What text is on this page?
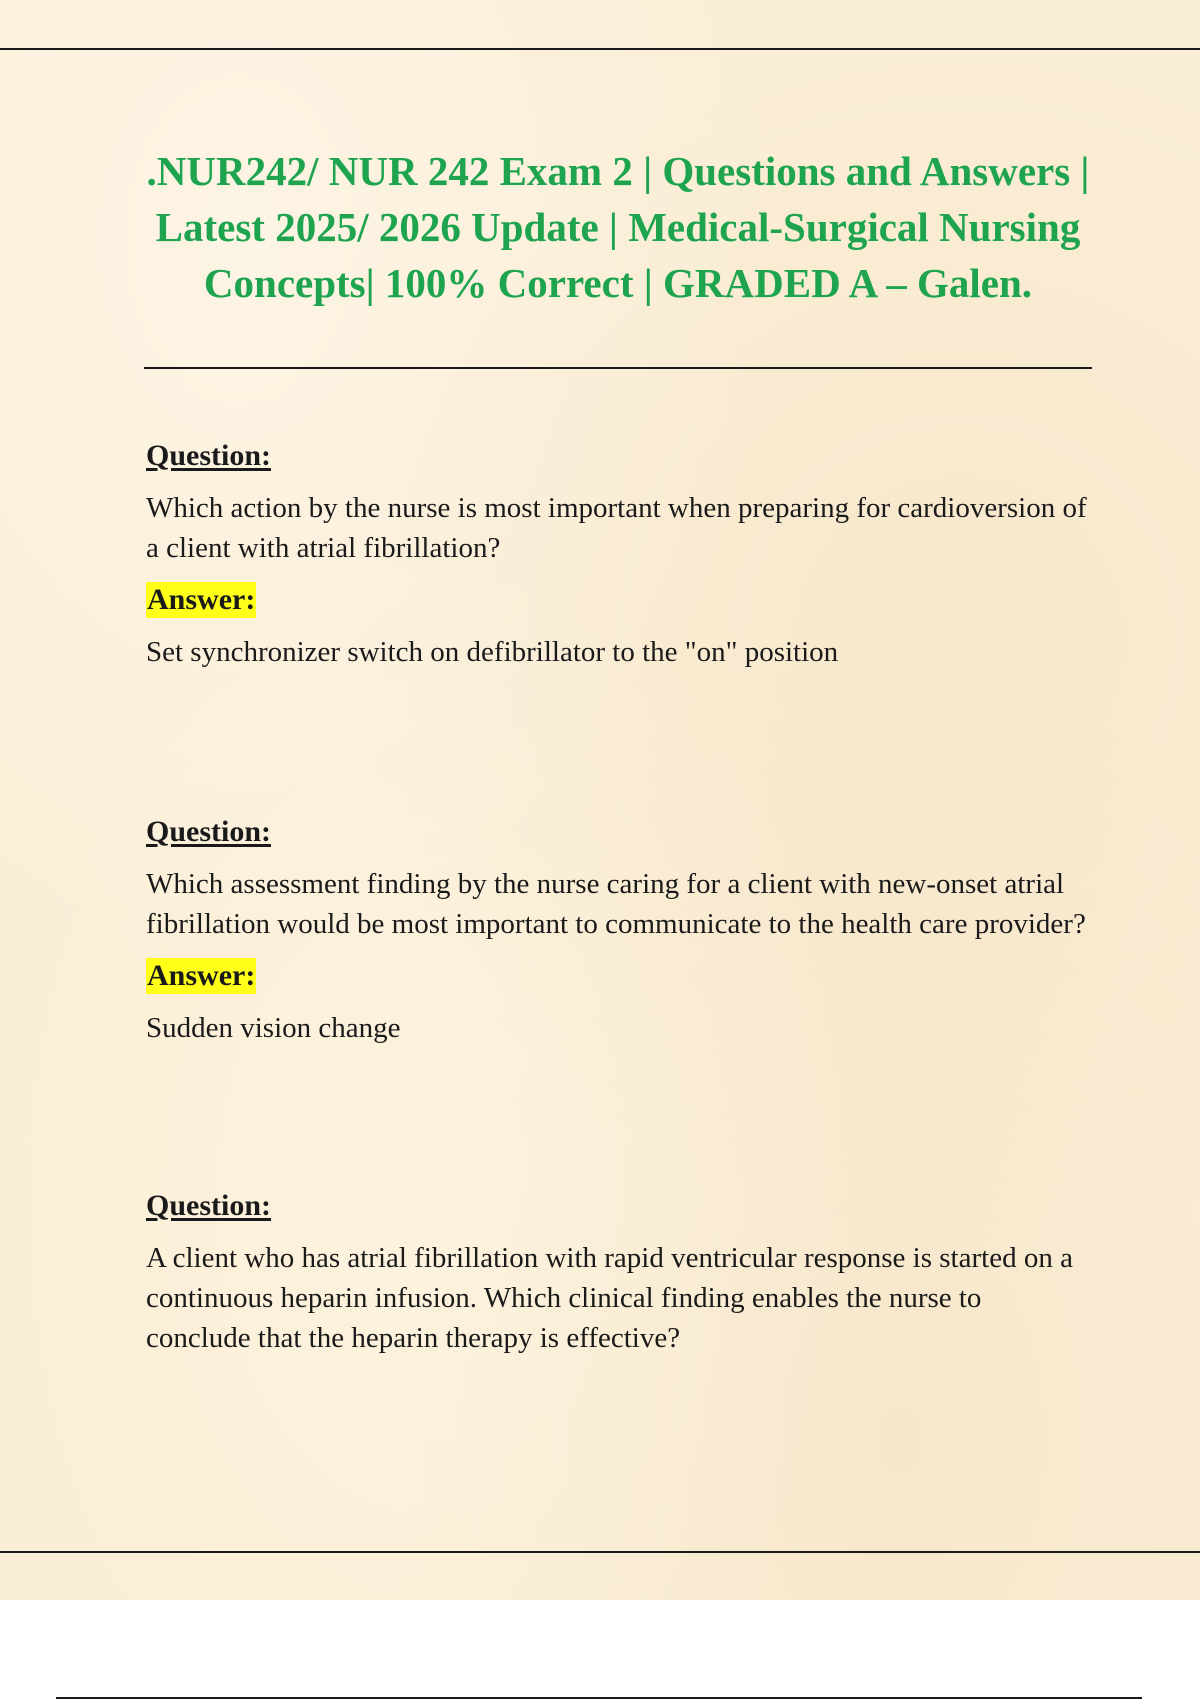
.NUR242/ NUR 242 Exam 2 | Questions and Answers | Latest 2025/ 2026 Update | Medical-Surgical Nursing Concepts| 100% Correct | GRADED A – Galen.
Question:

Which action by the nurse is most important when preparing for cardioversion of a client with atrial fibrillation?

Answer:

Set synchronizer switch on defibrillator to the "on" position

Question:

Which assessment finding by the nurse caring for a client with new-onset atrial fibrillation would be most important to communicate to the health care provider?

Answer:

Sudden vision change

Question:

A client who has atrial fibrillation with rapid ventricular response is started on a continuous heparin infusion. Which clinical finding enables the nurse to conclude that the heparin therapy is effective?
